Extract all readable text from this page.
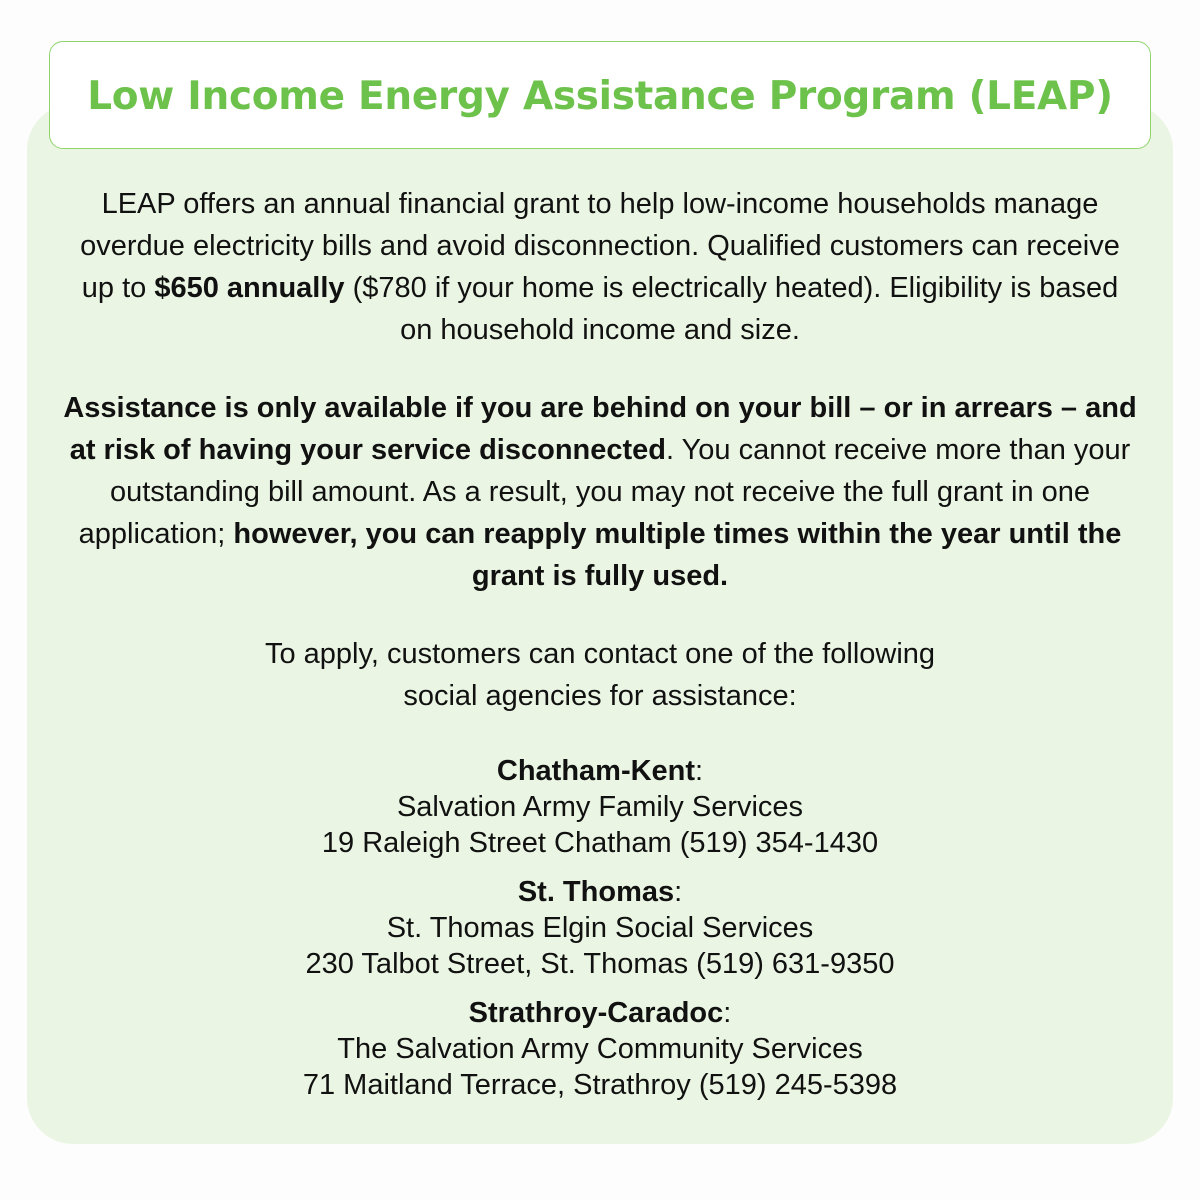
Low Income Energy Assistance Program (LEAP)

LEAP offers an annual financial grant to help low-income households manage overdue electricity bills and avoid disconnection. Qualified customers can receive up to $650 annually ($780 if your home is electrically heated). Eligibility is based on household income and size.

Assistance is only available if you are behind on your bill – or in arrears – and at risk of having your service disconnected. You cannot receive more than your outstanding bill amount. As a result, you may not receive the full grant in one application; however, you can reapply multiple times within the year until the grant is fully used.

To apply, customers can contact one of the following social agencies for assistance:

Chatham-Kent:
Salvation Army Family Services
19 Raleigh Street Chatham (519) 354-1430
St. Thomas:
St. Thomas Elgin Social Services
230 Talbot Street, St. Thomas (519) 631-9350
Strathroy-Caradoc:
The Salvation Army Community Services
71 Maitland Terrace, Strathroy (519) 245-5398
